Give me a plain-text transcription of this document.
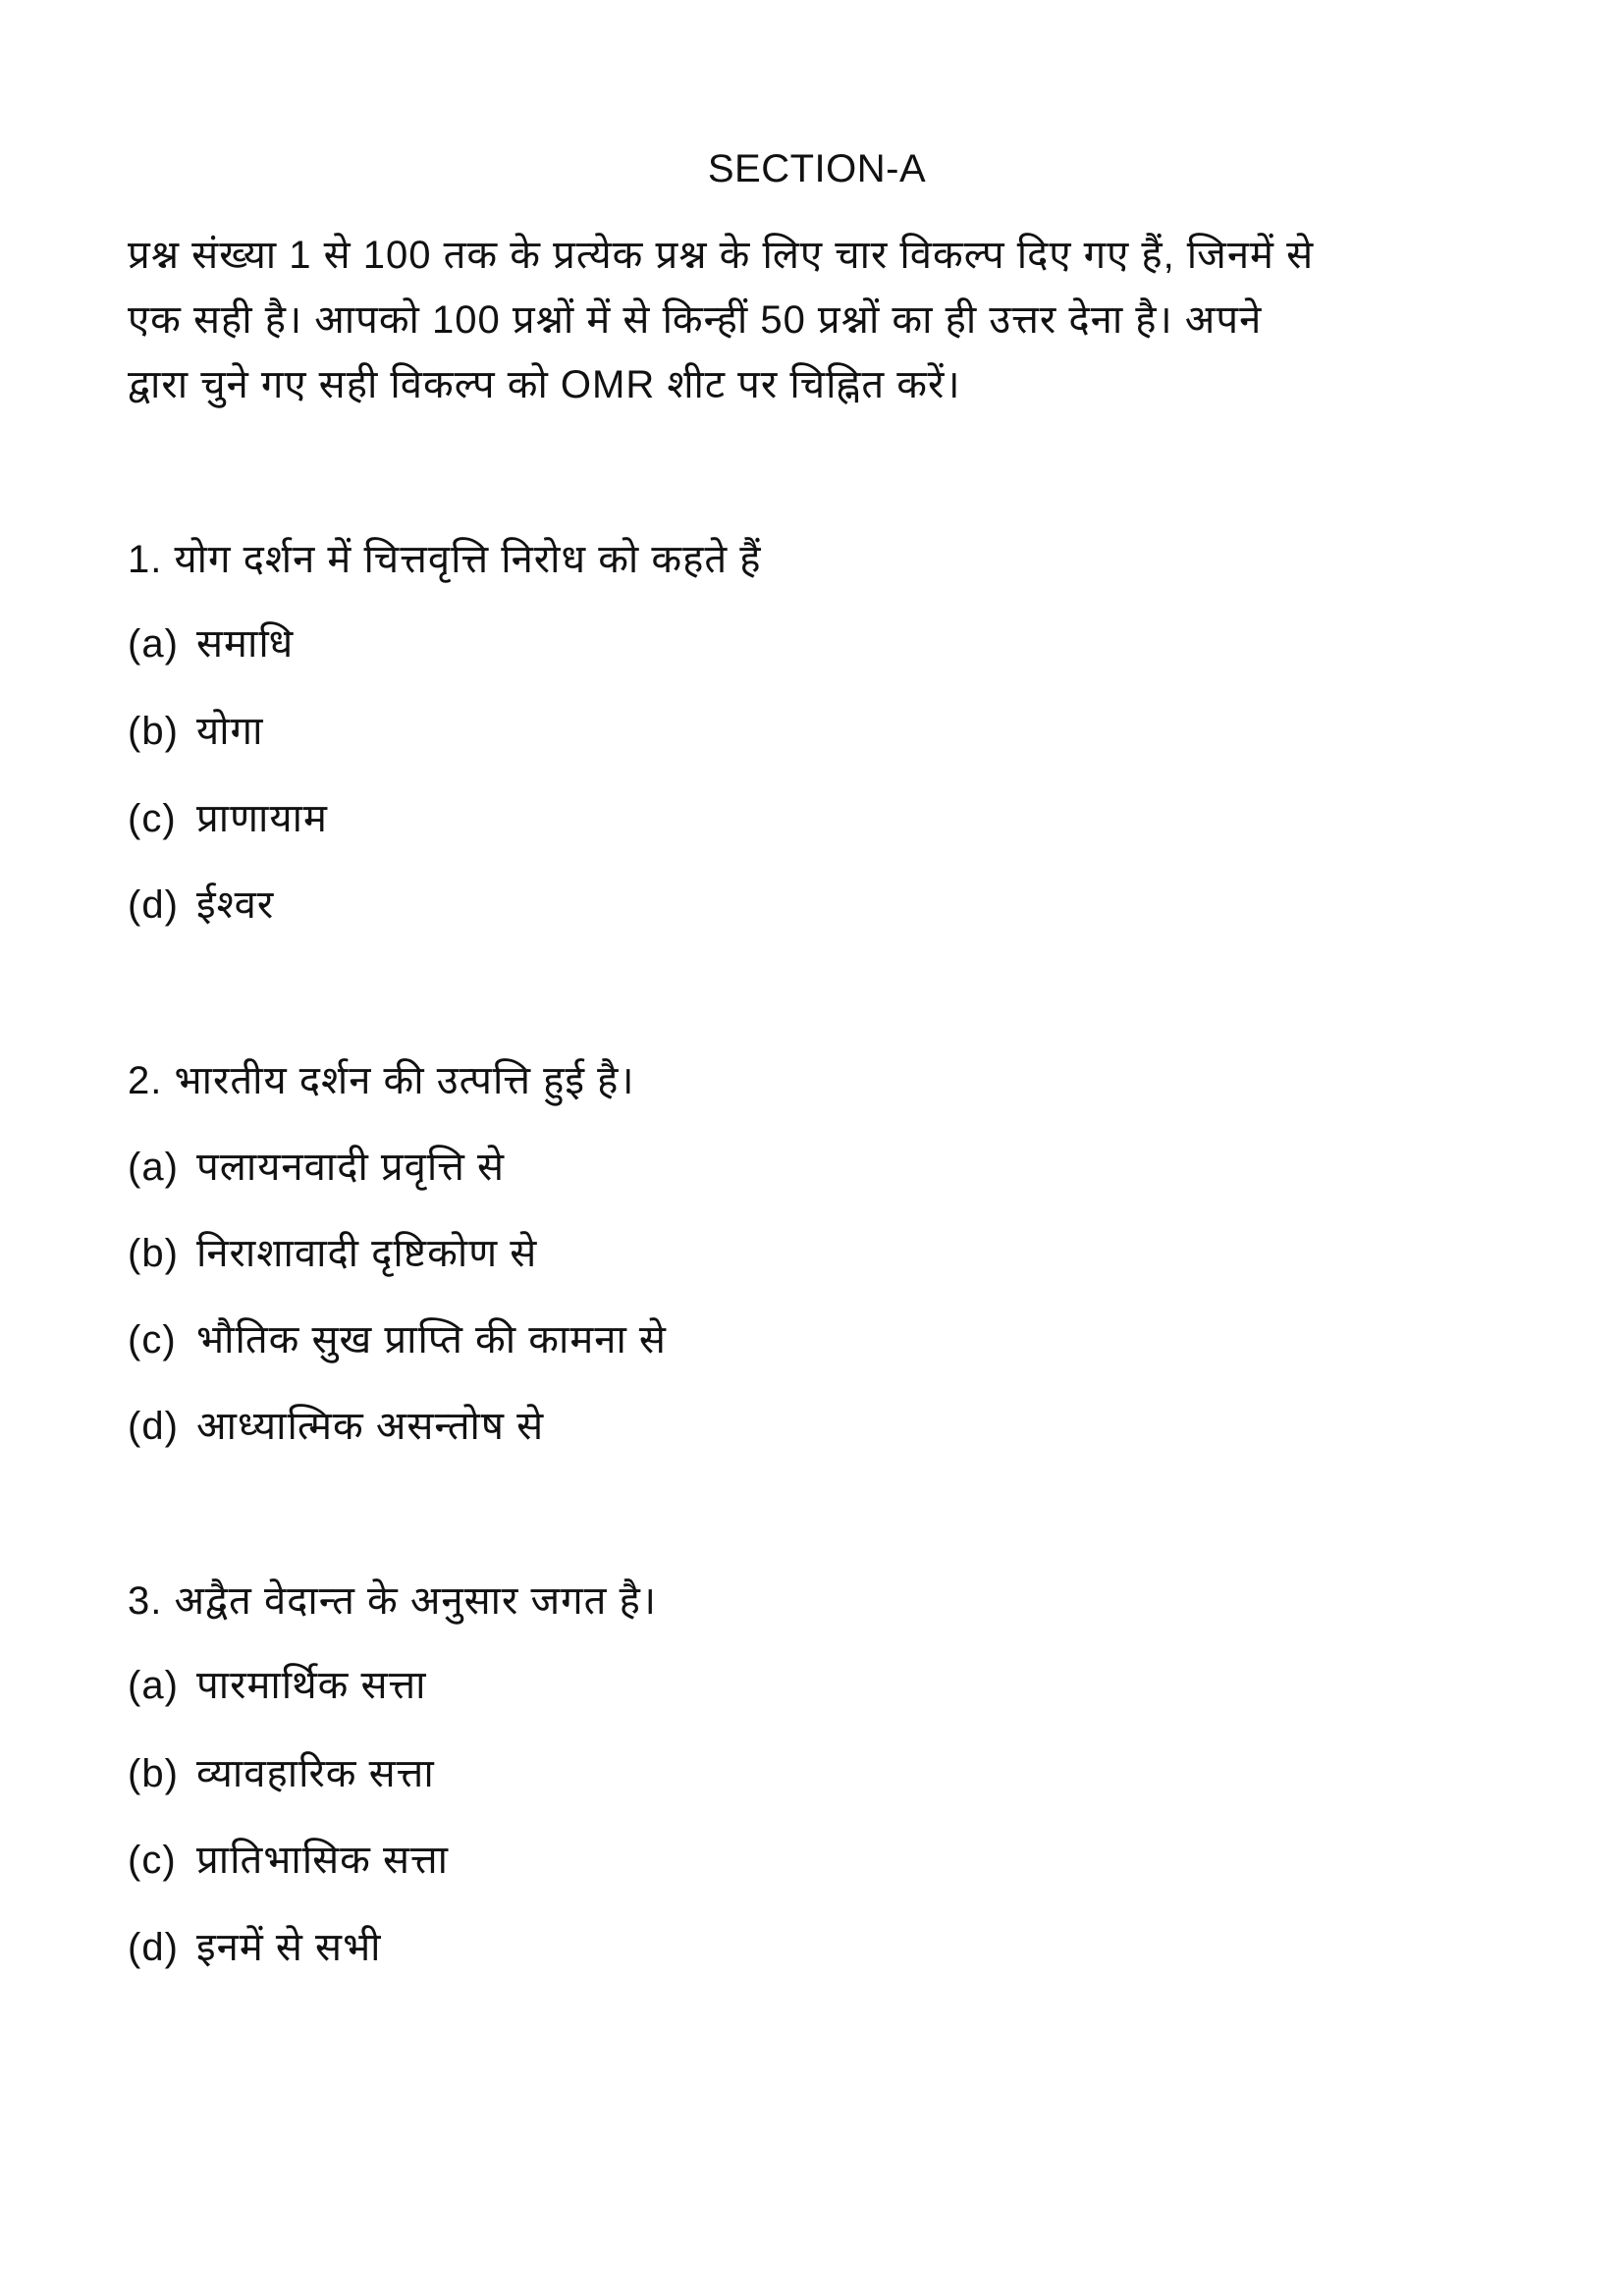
SECTION-A
प्रश्न संख्या 1 से 100 तक के प्रत्येक प्रश्न के लिए चार विकल्प दिए गए हैं, जिनमें से
एक सही है। आपको 100 प्रश्नों में से किन्हीं 50 प्रश्नों का ही उत्तर देना है। अपने
द्वारा चुने गए सही विकल्प को OMR शीट पर चिह्नित करें।
1. योग दर्शन में चित्तवृत्ति निरोध को कहते हैं
(a) समाधि
(b) योगा
(c) प्राणायाम
(d) ईश्वर
2. भारतीय दर्शन की उत्पत्ति हुई है।
(a) पलायनवादी प्रवृत्ति से
(b) निराशावादी दृष्टिकोण से
(c) भौतिक सुख प्राप्ति की कामना से
(d) आध्यात्मिक असन्तोष से
3. अद्वैत वेदान्त के अनुसार जगत है।
(a) पारमार्थिक सत्ता
(b) व्यावहारिक सत्ता
(c) प्रातिभासिक सत्ता
(d) इनमें से सभी
